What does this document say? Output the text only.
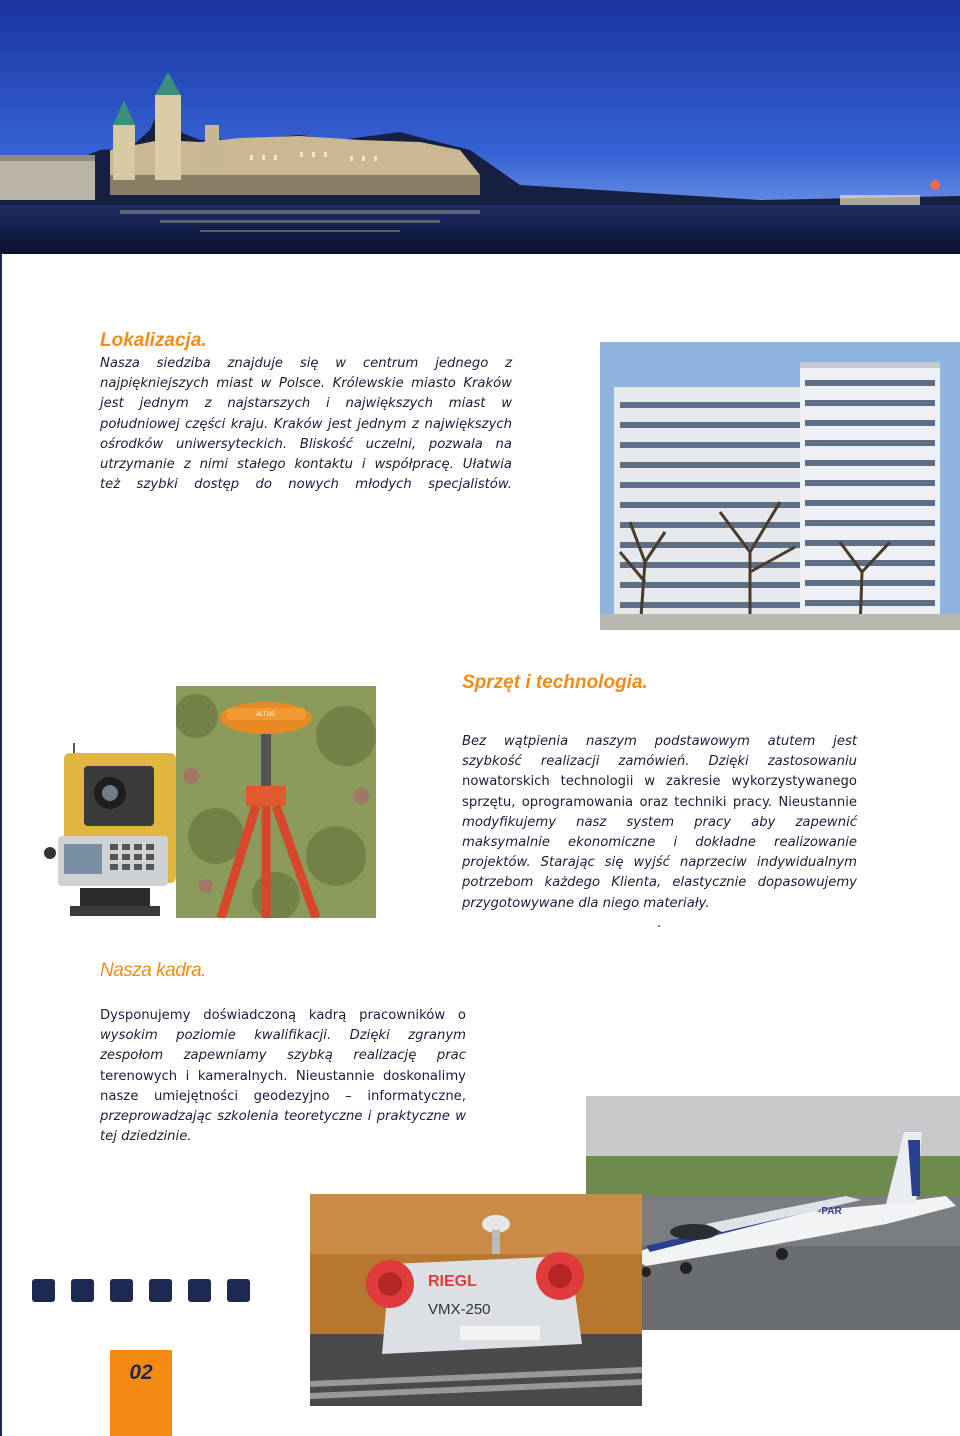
Lokalizacja.

Nasza siedziba znajduje się w centrum jednego z

najpiękniejszych miast w Polsce. Królewskie miasto Kraków

jest jednym z najstarszych i największych miast w

południowej części kraju. Kraków jest jednym z największych

ośrodków uniwersyteckich. Bliskość uczelni, pozwala na

utrzymanie z nimi stałego kontaktu i współpracę. Ułatwia

też szybki dostęp do nowych młodych specjalistów.

Sprzęt i technologia.

Bez wątpienia naszym podstawowym atutem jest

szybkość realizacji zamówień. Dzięki zastosowaniu

nowatorskich technologii w zakresie wykorzystywanego

sprzętu, oprogramowania oraz techniki pracy. Nieustannie

modyfikujemy nasz system pracy aby zapewnić

maksymalnie ekonomiczne i dokładne realizowanie

projektów. Starając się wyjść naprzeciw indywidualnym

potrzebom każdego Klienta, elastycznie dopasowujemy

przygotowywane dla niego materiały.

.

ALTUS
Nasza kadra.

Dysponujemy doświadczoną kadrą pracowników o

wysokim poziomie kwalifikacji. Dzięki zgranym

zespołom zapewniamy szybką realizację prac

terenowych i kameralnych. Nieustannie doskonalimy

nasze umiejętności geodezyjno – informatyczne,

przeprowadzając szkolenia teoretyczne i praktyczne w

tej dziedzinie.

-PAR
RIEGL
VMX-250
02
